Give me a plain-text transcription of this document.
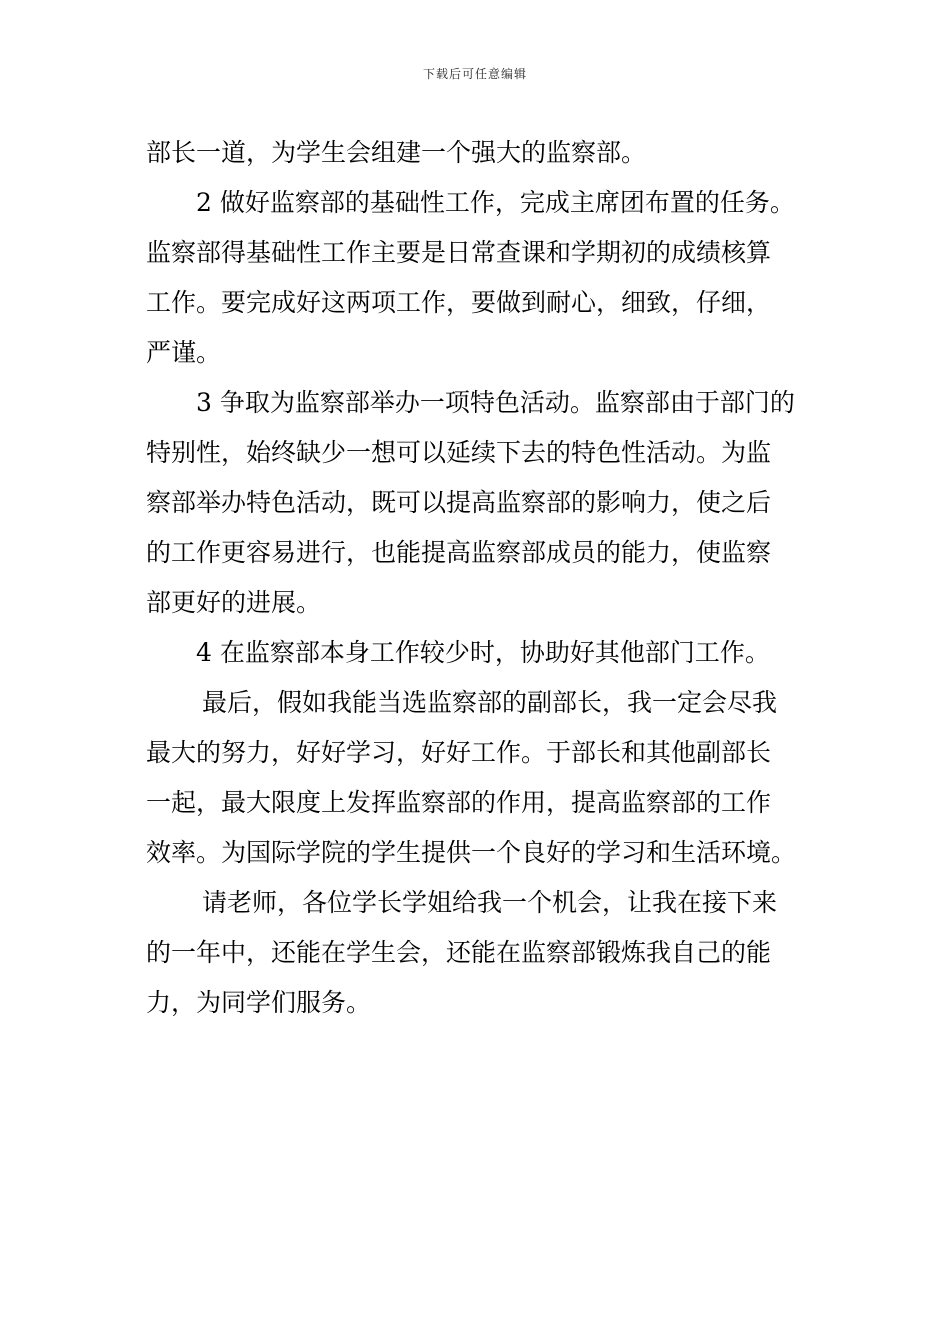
下载后可任意编辑

部长一道，为学生会组建一个强大的监察部。

2 做好监察部的基础性工作，完成主席团布置的任务。
监察部得基础性工作主要是日常查课和学期初的成绩核算
工作。要完成好这两项工作，要做到耐心，细致，仔细，
严谨。

3 争取为监察部举办一项特色活动。监察部由于部门的
特别性，始终缺少一想可以延续下去的特色性活动。为监
察部举办特色活动，既可以提高监察部的影响力，使之后
的工作更容易进行，也能提高监察部成员的能力，使监察
部更好的进展。

4 在监察部本身工作较少时，协助好其他部门工作。

最后，假如我能当选监察部的副部长，我一定会尽我
最大的努力，好好学习，好好工作。于部长和其他副部长
一起，最大限度上发挥监察部的作用，提高监察部的工作
效率。为国际学院的学生提供一个良好的学习和生活环境。

请老师，各位学长学姐给我一个机会，让我在接下来
的一年中，还能在学生会，还能在监察部锻炼我自己的能
力，为同学们服务。
